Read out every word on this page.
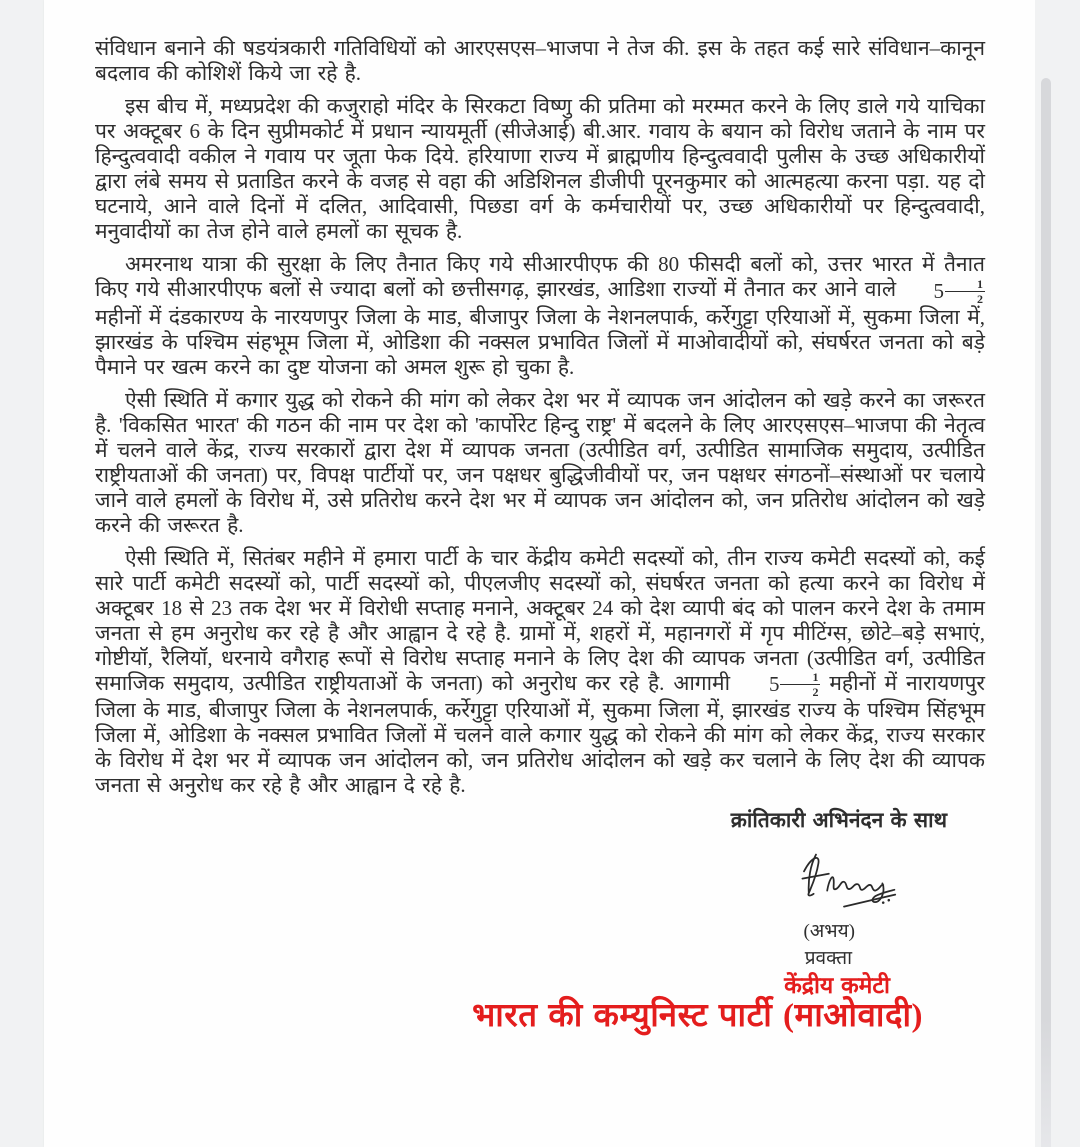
संविधान बनाने की षडयंत्रकारी गतिविधियों को आरएसएस–भाजपा ने तेज की. इस के तहत कई सारे संविधान–कानून बदलाव की कोशिशें किये जा रहे है.

इस बीच में, मध्यप्रदेश की कजुराहो मंदिर के सिरकटा विष्णु की प्रतिमा को मरम्मत करने के लिए डाले गये याचिका पर अक्टूबर 6 के दिन सुप्रीमकोर्ट में प्रधान न्यायमूर्ती (सीजेआई) बी.आर. गवाय के बयान को विरोध जताने के नाम पर हिन्दुत्ववादी वकील ने गवाय पर जूता फेक दिये. हरियाणा राज्य में ब्राह्मणीय हिन्दुत्ववादी पुलीस के उच्छ अधिकारीयों द्वारा लंबे समय से प्रताडित करने के वजह से वहा की अडिशिनल डीजीपी पूरनकुमार को आत्महत्या करना पड़ा. यह दो घटनाये, आने वाले दिनों में दलित, आदिवासी, पिछडा वर्ग के कर्मचारीयों पर, उच्छ अधिकारीयों पर हिन्दुत्ववादी, मनुवादीयों का तेज होने वाले हमलों का सूचक है.

अमरनाथ यात्रा की सुरक्षा के लिए तैनात किए गये सीआरपीएफ की 80 फीसदी बलों को, उत्तर भारत में तैनात किए गये सीआरपीएफ बलों से ज्यादा बलों को छत्तीसगढ़, झारखंड, आडिशा राज्यों में तैनात कर आने वाले	$5 \frac{1}{2}$
महीनों में दंडकारण्य के नारयणपुर जिला के माड, बीजापुर जिला के नेशनलपार्क, कर्रेगुट्टा एरियाओं में, सुकमा जिला में, झारखंड के पश्चिम संहभूम जिला में, ओडिशा की नक्सल प्रभावित जिलों में माओवादीयों को, संघर्षरत जनता को बड़े पैमाने पर खत्म करने का दुष्ट योजना को अमल शुरू हो चुका है.

ऐसी स्थिति में कगार युद्ध को रोकने की मांग को लेकर देश भर में व्यापक जन आंदोलन को खड़े करने का जरूरत है. 'विकसित भारत' की गठन की नाम पर देश को 'कार्पोरेट हिन्दु राष्ट्र' में बदलने के लिए आरएसएस–भाजपा की नेतृत्व में चलने वाले केंद्र, राज्य सरकारों द्वारा देश में व्यापक जनता (उत्पीडित वर्ग, उत्पीडित सामाजिक समुदाय, उत्पीडित राष्ट्रीयताओं की जनता) पर, विपक्ष पार्टीयों पर, जन पक्षधर बुद्धिजीवीयों पर, जन पक्षधर संगठनों–संस्थाओं पर चलाये जाने वाले हमलों के विरोध में, उसे प्रतिरोध करने देश भर में व्यापक जन आंदोलन को, जन प्रतिरोध आंदोलन को खड़े करने की जरूरत है.

ऐसी स्थिति में, सितंबर महीने में हमारा पार्टी के चार केंद्रीय कमेटी सदस्यों को, तीन राज्य कमेटी सदस्यों को, कई सारे पार्टी कमेटी सदस्यों को, पार्टी सदस्यों को, पीएलजीए सदस्यों को, संघर्षरत जनता को हत्या करने का विरोध में अक्टूबर 18 से 23 तक देश भर में विरोधी सप्ताह मनाने, अक्टूबर 24 को देश व्यापी बंद को पालन करने देश के तमाम जनता से हम अनुरोध कर रहे है और आह्वान दे रहे है. ग्रामों में, शहरों में, महानगरों में गृप मीटिंग्स, छोटे–बड़े सभाएं, गोष्टीयॉ, रैलियॉ, धरनाये वगैराह रूपों से विरोध सप्ताह मनाने के लिए देश की व्यापक जनता (उत्पीडित वर्ग, उत्पीडित समाजिक समुदाय, उत्पीडित राष्ट्रीयताओं के जनता) को अनुरोध कर रहे है. आगामी	$5 \frac{1}{2}$ महीनों में नारायणपुर जिला के माड, बीजापुर जिला के नेशनलपार्क, कर्रेगुट्टा एरियाओं में, सुकमा जिला में, झारखंड राज्य के पश्चिम सिंहभूम जिला में, ओडिशा के नक्सल प्रभावित जिलों में चलने वाले कगार युद्ध को रोकने की मांग को लेकर केंद्र, राज्य सरकार के विरोध में देश भर में व्यापक जन आंदोलन को, जन प्रतिरोध आंदोलन को खड़े कर चलाने के लिए देश की व्यापक जनता से अनुरोध कर रहे है और आह्वान दे रहे है.

क्रांतिकारी अभिनंदन के साथ
(अभय)
प्रवक्ता
केंद्रीय कमेटी
भारत की कम्युनिस्ट पार्टी (माओवादी)
